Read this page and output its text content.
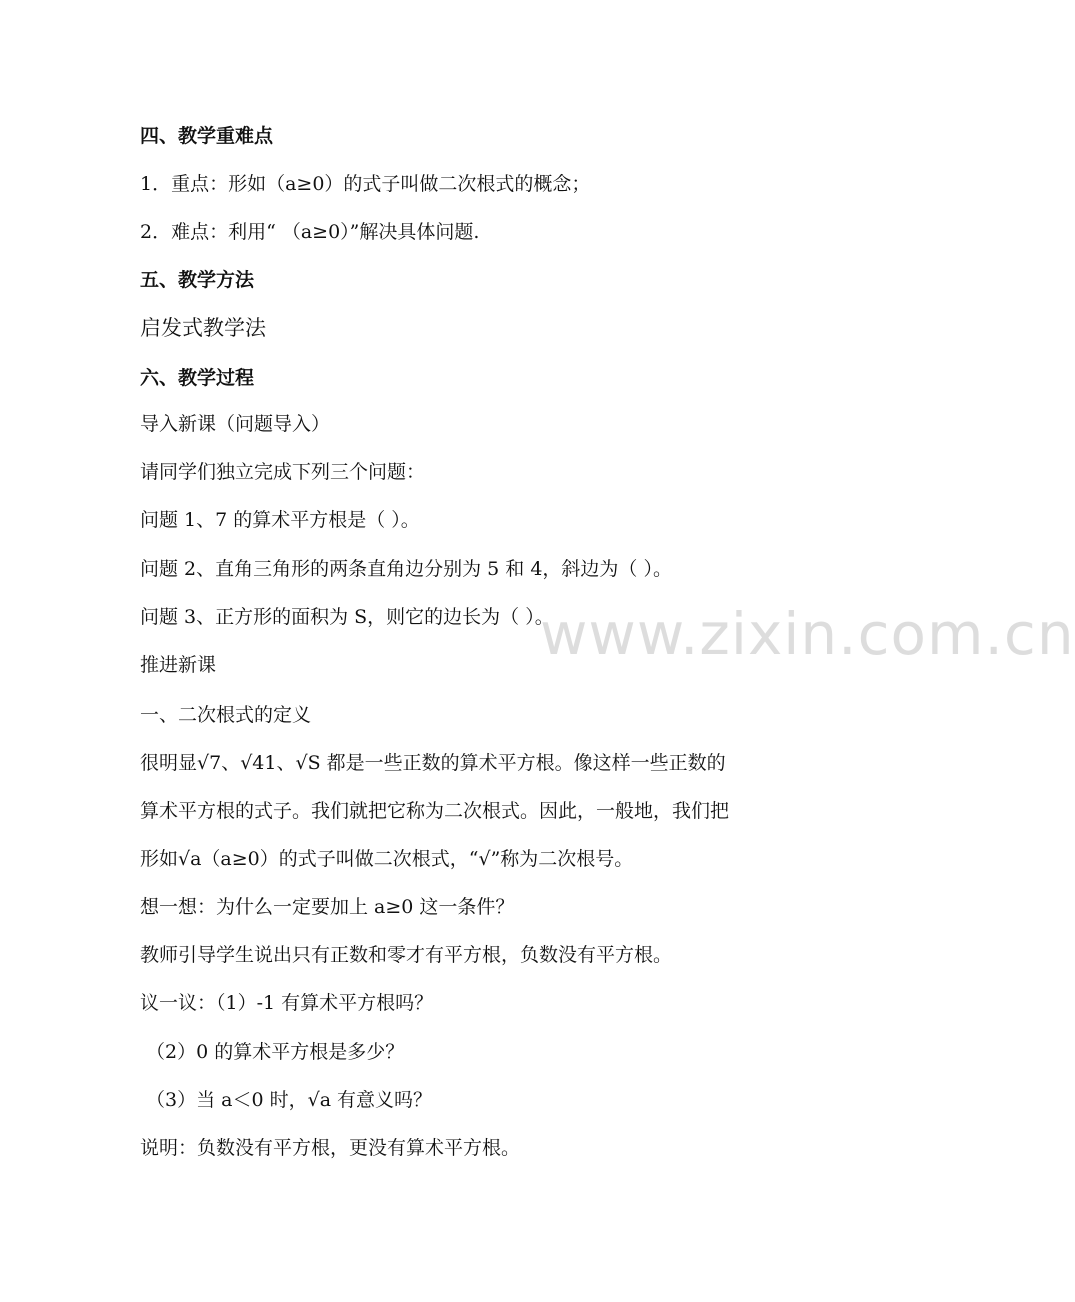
www.zixin.com.cn
四、教学重难点
1．重点：形如（a≥0）的式子叫做二次根式的概念；
2．难点：利用“ （a≥0）”解决具体问题.
五、教学方法
启发式教学法
六、教学过程
导入新课（问题导入）
请同学们独立完成下列三个问题：
问题 1、7 的算术平方根是（ ）。
问题 2、直角三角形的两条直角边分别为 5 和 4，斜边为（ ）。
问题 3、正方形的面积为 S，则它的边长为（ ）。
推进新课
一、二次根式的定义
很明显√7、√41、√S 都是一些正数的算术平方根。像这样一些正数的
算术平方根的式子。我们就把它称为二次根式。因此，一般地，我们把
形如√a（a≥0）的式子叫做二次根式，“√”称为二次根号。
想一想：为什么一定要加上 a≥0 这一条件？
教师引导学生说出只有正数和零才有平方根，负数没有平方根。
议一议：（1）-1 有算术平方根吗？
（2）0 的算术平方根是多少？
（3）当 a＜0 时，√a 有意义吗？
说明：负数没有平方根，更没有算术平方根。
